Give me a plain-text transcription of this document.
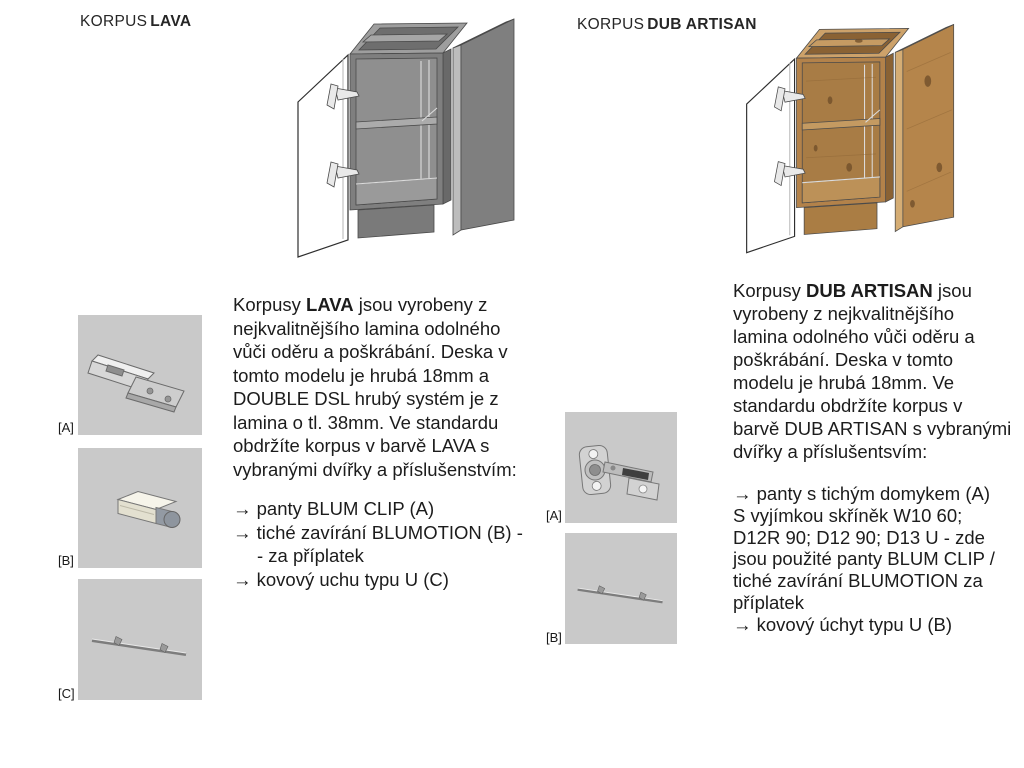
KORPUS LAVA	KORPUS DUB ARTISAN
[A]
[B]
[C]
[A]
[B]
Korpusy LAVA jsou vyrobeny z
nejkvalitnějšího lamina odolného
vůči oděru a poškrábání. Deska v
tomto modelu je hrubá 18mm a
DOUBLE DSL hrubý systém je z
lamina o tl. 38mm. Ve standardu
obdržíte korpus v barvě LAVA s
vybranými dvířky a příslušenstvím:
→ panty BLUM CLIP (A)
→ tiché zavírání BLUMOTION (B) -
- za příplatek
→ kovový uchu typu U (C)
Korpusy DUB ARTISAN jsou
vyrobeny z nejkvalitnějšího
lamina odolného vůči oděru a
poškrábání. Deska v tomto
modelu je hrubá 18mm. Ve
standardu obdržíte korpus v
barvě DUB ARTISAN s vybranými
dvířky a příslušentsvím:
→ panty s tichým domykem (A)
S vyjímkou skříněk W10 60;
D12R 90; D12 90; D13 U - zde
jsou použité panty BLUM CLIP /
tiché zavírání BLUMOTION za
příplatek
→ kovový úchyt typu U (B)
